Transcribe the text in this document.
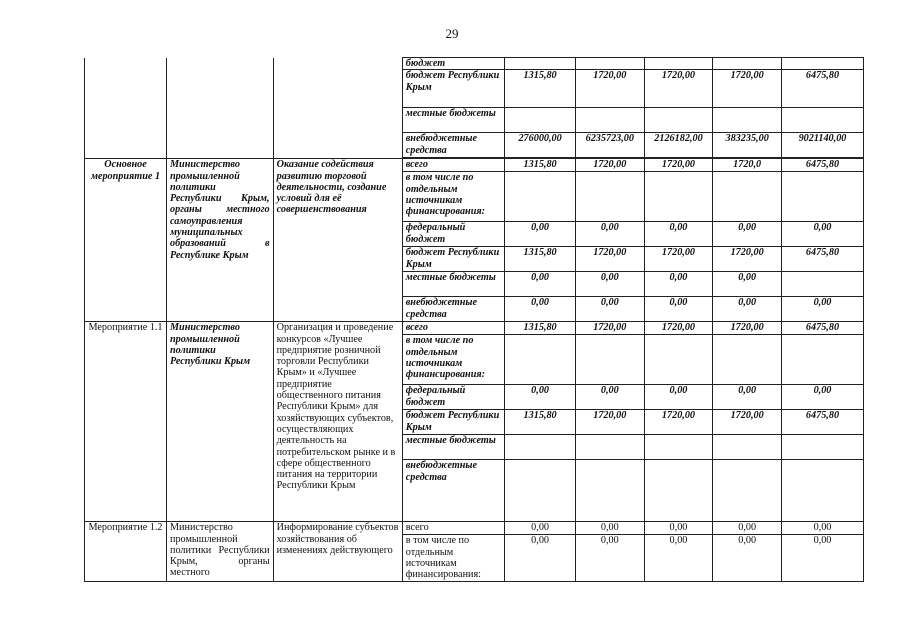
29
			бюджет					
			бюджет Республики Крым	1315,80	1720,00	1720,00	1720,00	6475,80
			местные бюджеты					
			внебюджетные средства	276000,00	6235723,00	2126182,00	383235,00	9021140,00

Основное мероприятие 1	Министерство промышленной политики Республики Крым, органы местного самоуправления муниципальных образований в Республике Крым	Оказание содействия развитию торговой деятельности, создание условий для её совершенствования	всего	1315,80	1720,00	1720,00	1720,0	6475,80
			в том числе по отдельным источникам финансирования:					
			федеральный бюджет	0,00	0,00	0,00	0,00	0,00
			бюджет Республики Крым	1315,80	1720,00	1720,00	1720,00	6475,80
			местные бюджеты	0,00	0,00	0,00	0,00	
			внебюджетные средства	0,00	0,00	0,00	0,00	0,00
Мероприятие 1.1	Министерство промышленной политики Республики Крым	Организация и проведение конкурсов «Лучшее предприятие розничной торговли Республики Крым» и «Лучшее предприятие общественного питания Республики Крым» для хозяйствующих субъектов, осуществляющих деятельность на потребительском рынке и в сфере общественного питания на территории Республики Крым	всего	1315,80	1720,00	1720,00	1720,00	6475,80
			в том числе по отдельным источникам финансирования:					
			федеральный бюджет	0,00	0,00	0,00	0,00	0,00
			бюджет Республики Крым	1315,80	1720,00	1720,00	1720,00	6475,80
			местные бюджеты					
			внебюджетные средства					
Мероприятие 1.2	Министерство промышленной политики Республики Крым, органы местного	Информирование субъектов хозяйствования об изменениях действующего	всего	0,00	0,00	0,00	0,00	0,00
			в том числе по отдельным источникам финансирования:	0,00	0,00	0,00	0,00	0,00
